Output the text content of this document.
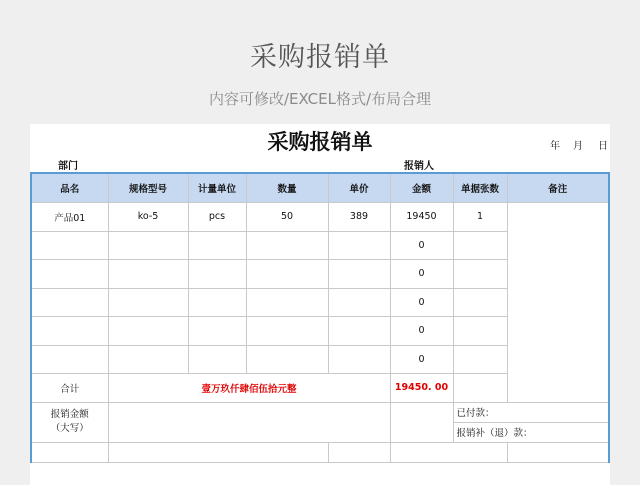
采购报销单
内容可修改/EXCEL格式/布局合理
采购报销单	年 月 日
部门	报销人
品名	规格型号	计量单位	数量	单价	金额	单据张数	备注
产品01	ko-5	pcs	50	389	19450	1	
					0		
					0		
					0		
					0		
					0		
合计	壹万玖仟肆佰伍拾元整				19450. 00		
报销金额
（大写）						已付款：	
						报销补（退）款：	
